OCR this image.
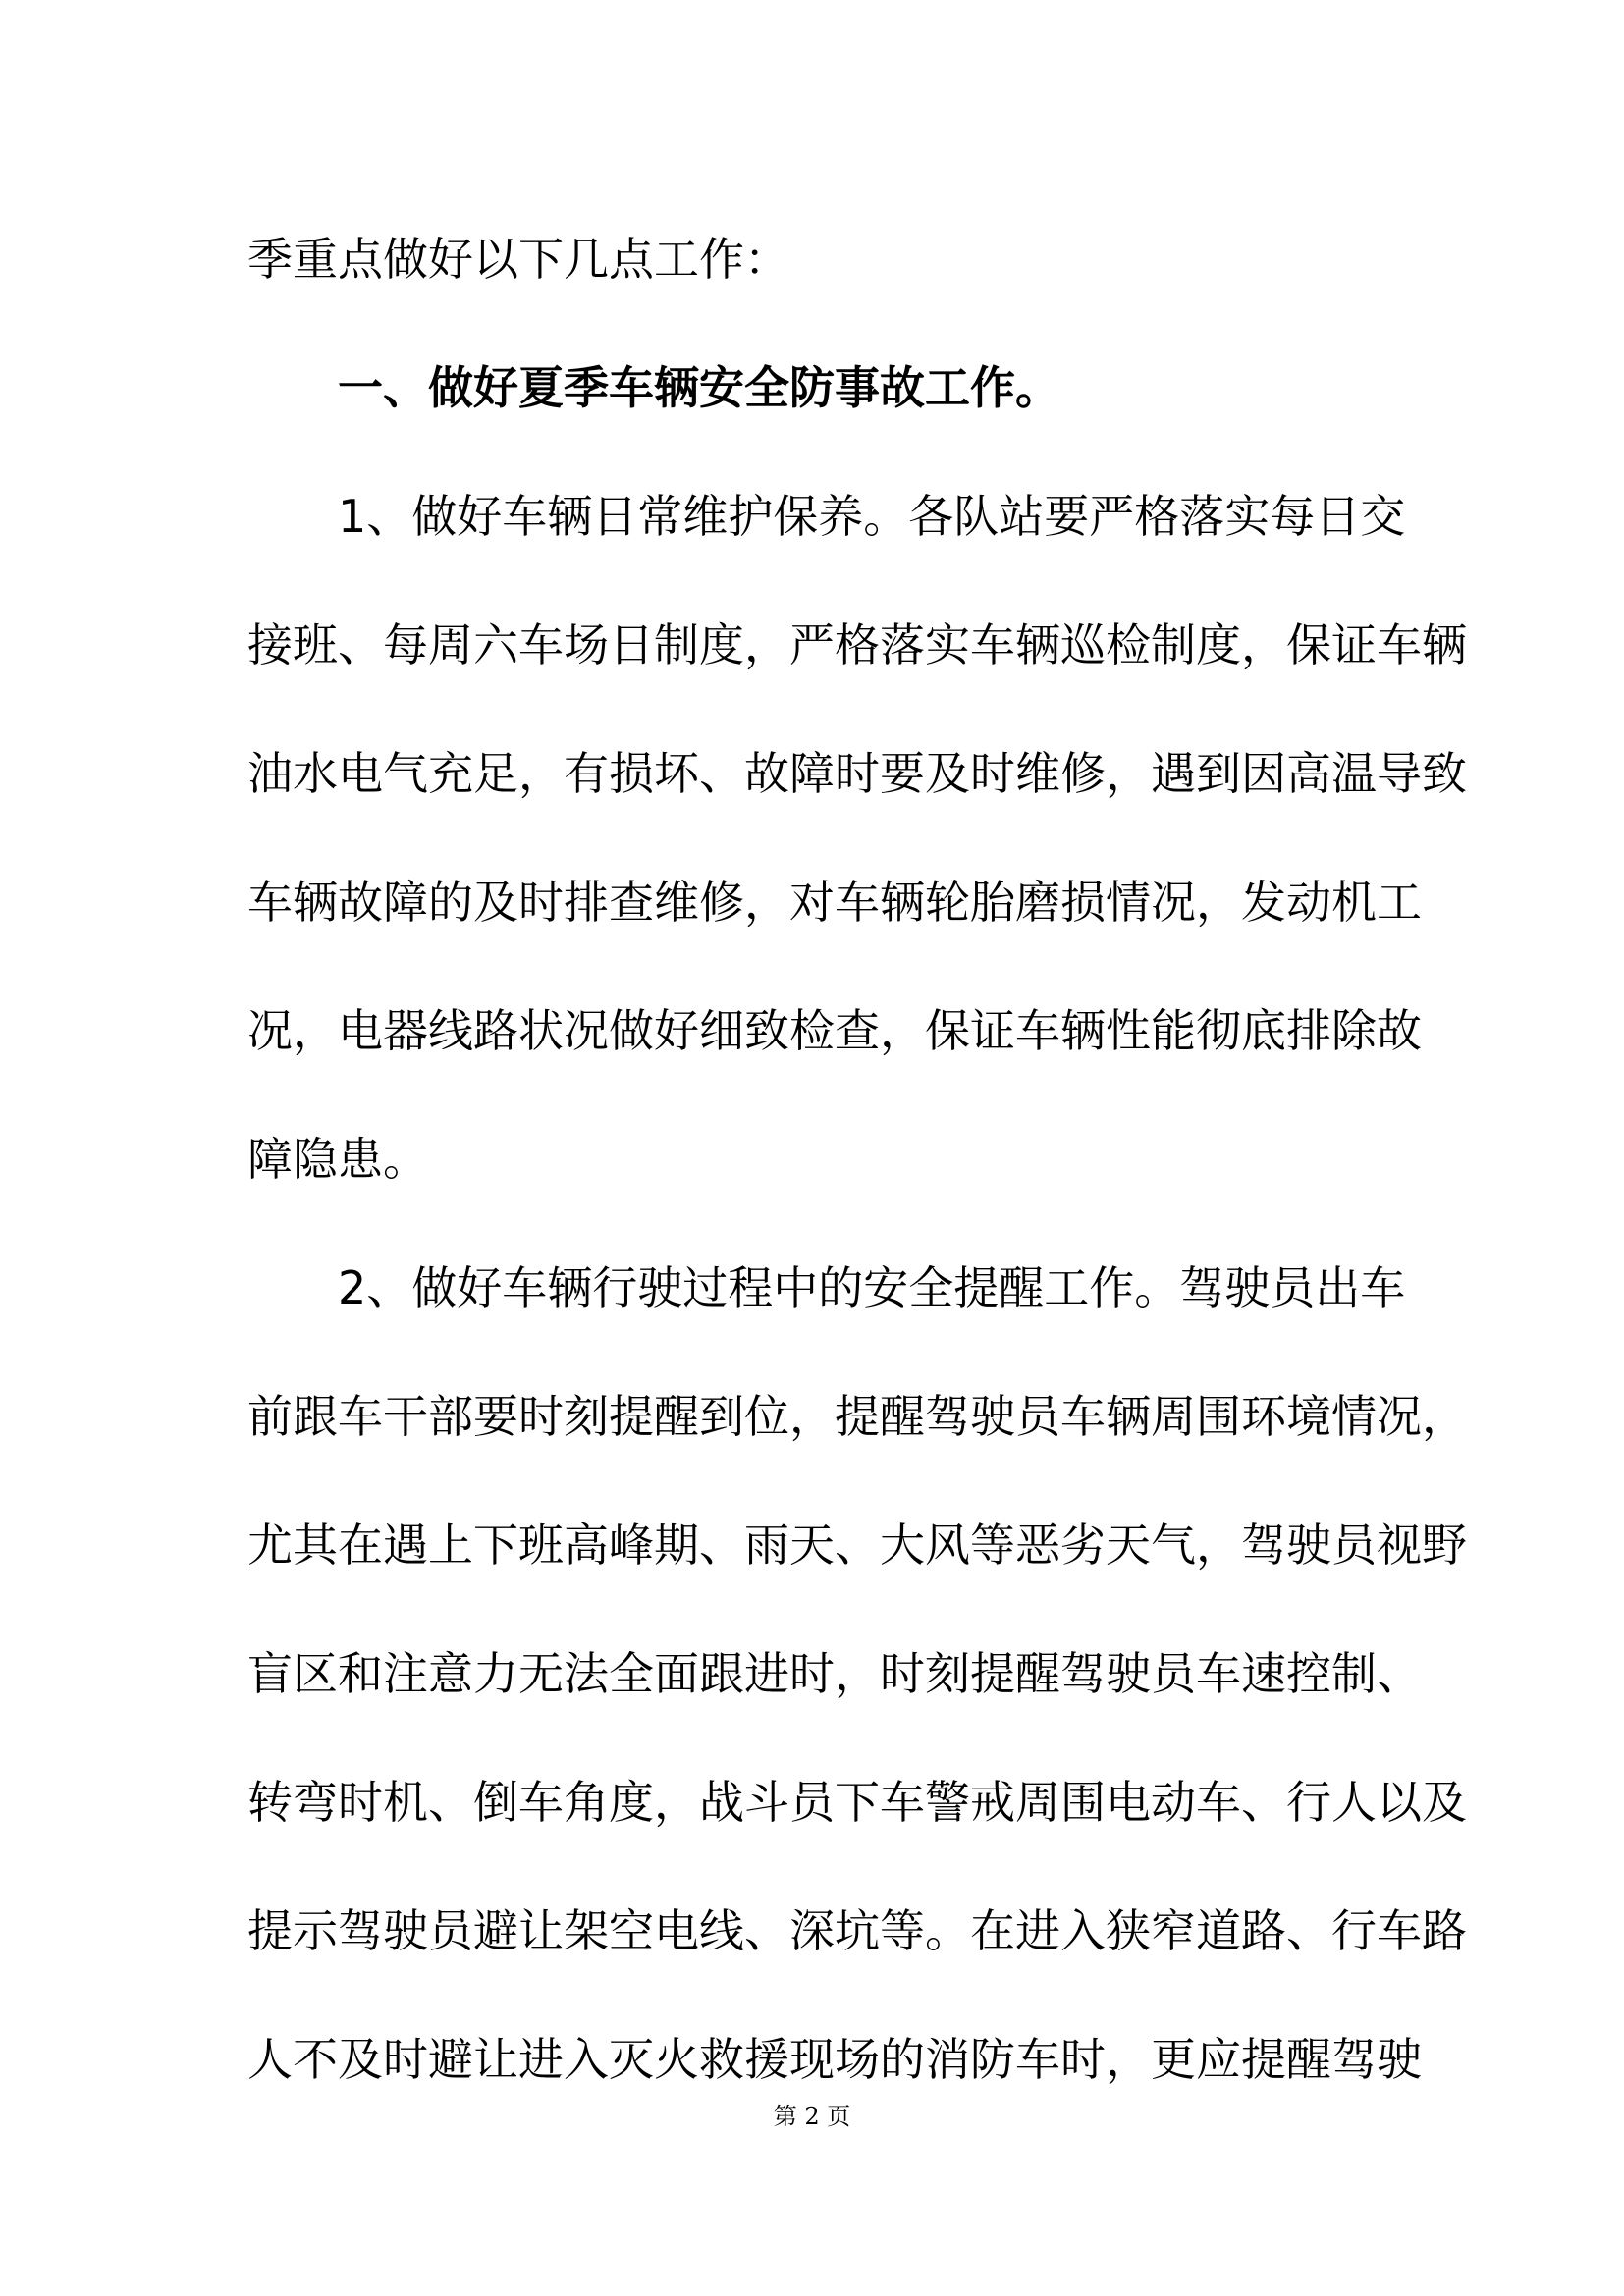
季重点做好以下几点工作：
一、做好夏季车辆安全防事故工作。
1、做好车辆日常维护保养。各队站要严格落实每日交
接班、每周六车场日制度，严格落实车辆巡检制度，保证车辆
油水电气充足，有损坏、故障时要及时维修，遇到因高温导致
车辆故障的及时排查维修，对车辆轮胎磨损情况，发动机工
况，电器线路状况做好细致检查，保证车辆性能彻底排除故
障隐患。
2、做好车辆行驶过程中的安全提醒工作。驾驶员出车
前跟车干部要时刻提醒到位，提醒驾驶员车辆周围环境情况，
尤其在遇上下班高峰期、雨天、大风等恶劣天气，驾驶员视野
盲区和注意力无法全面跟进时，时刻提醒驾驶员车速控制、
转弯时机、倒车角度，战斗员下车警戒周围电动车、行人以及
提示驾驶员避让架空电线、深坑等。在进入狭窄道路、行车路
人不及时避让进入灭火救援现场的消防车时，更应提醒驾驶
第 2 页
